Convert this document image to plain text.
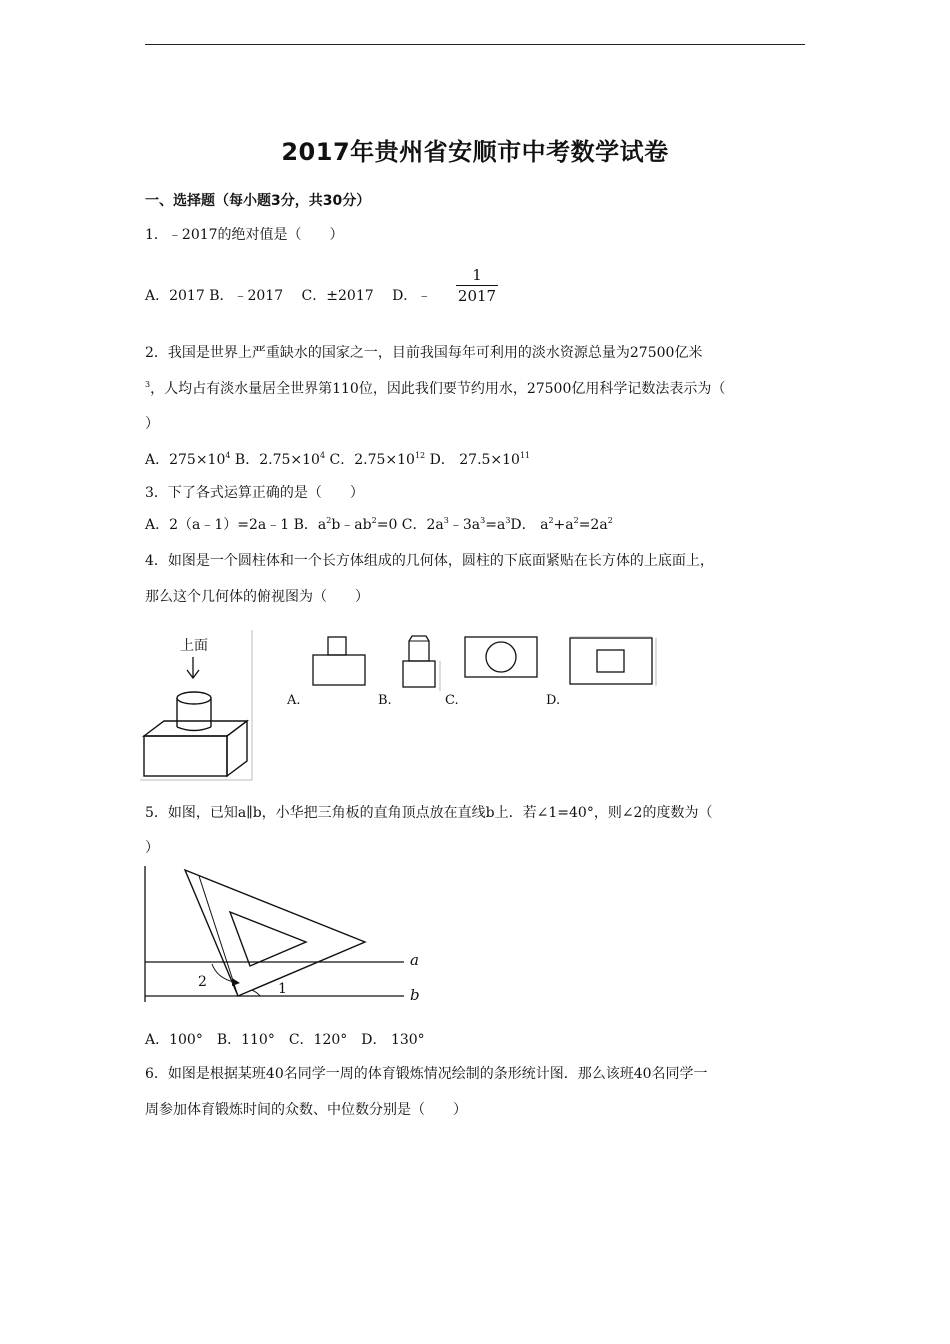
2017年贵州省安顺市中考数学试卷
一、选择题（每小题3分，共30分）
1．﹣2017的绝对值是（　　）
A．2017 B．﹣2017　 C．±2017　 D．﹣
1
2017
2．我国是世界上严重缺水的国家之一，目前我国每年可利用的淡水资源总量为27500亿米
$^3$，人均占有淡水量居全世界第110位，因此我们要节约用水，27500亿用科学记数法表示为（
）
A．$275\times 10^4$ B．$2.75\times 10^4$ C．$2.75\times 10^{12}$ D． $27.5\times 10^{11}$
3．下了各式运算正确的是（　　）
A．2（a﹣1）=2a﹣1 B．$a^2b﹣ab^2=0$ C．$2a^3﹣3a^3=a^3D$． $a^2+a^2=2a^2$
4．如图是一个圆柱体和一个长方体组成的几何体，圆柱的下底面紧贴在长方体的上底面上，
那么这个几何体的俯视图为（　　）
上面
A.	B.	C.	D.
5．如图，已知a∥b，小华把三角板的直角顶点放在直线b上．若∠1=40°，则∠2的度数为（
）
a
b
2	1
A．100°　B．110°　C．120°　D． 130°
6．如图是根据某班40名同学一周的体育锻炼情况绘制的条形统计图．那么该班40名同学一
周参加体育锻炼时间的众数、中位数分别是（　　）
